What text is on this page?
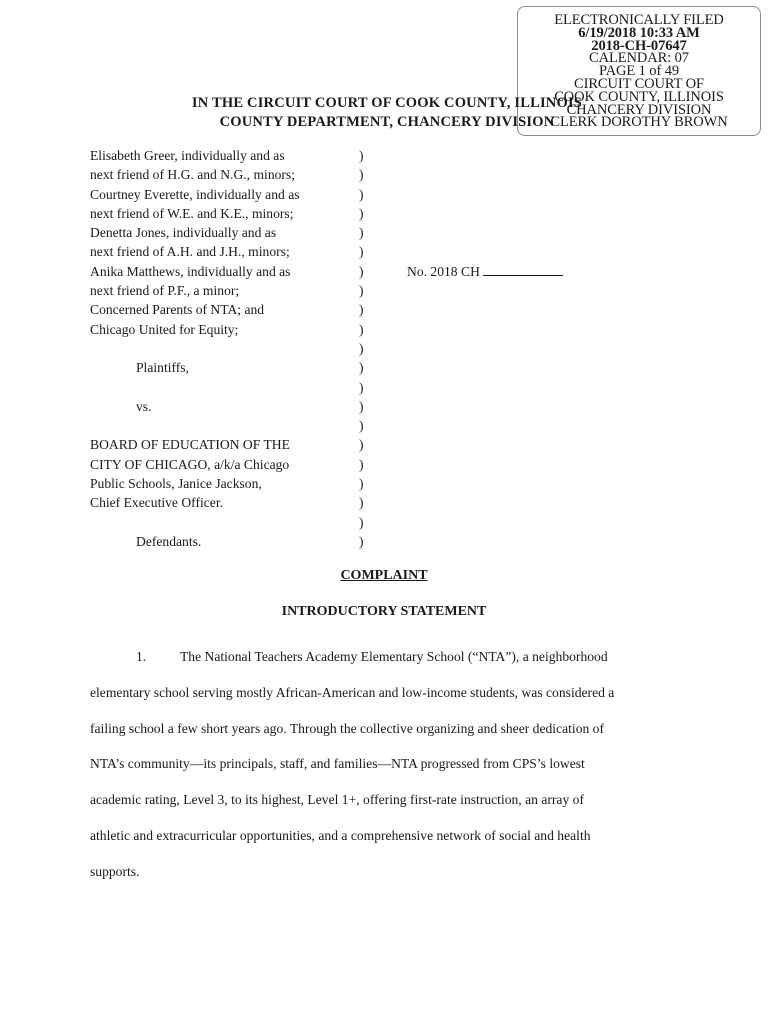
ELECTRONICALLY FILED
6/19/2018 10:33 AM
2018-CH-07647
CALENDAR: 07
PAGE 1 of 49
CIRCUIT COURT OF
COOK COUNTY, ILLINOIS
CHANCERY DIVISION
CLERK DOROTHY BROWN
IN THE CIRCUIT COURT OF COOK COUNTY, ILLINOIS
COUNTY DEPARTMENT, CHANCERY DIVISION
Elisabeth Greer, individually and as
next friend of H.G. and N.G., minors;
Courtney Everette, individually and as
next friend of W.E. and K.E., minors;
Denetta Jones, individually and as
next friend of A.H. and J.H., minors;
Anika Matthews, individually and as
next friend of P.F., a minor;
Concerned Parents of NTA; and
Chicago United for Equity;
Plaintiffs,
vs.
BOARD OF EDUCATION OF THE
CITY OF CHICAGO, a/k/a Chicago
Public Schools, Janice Jackson,
Chief Executive Officer.
Defendants.
)
)
)
)
)
)
)
)
)
)
)
)
)
)
)
)
)
)
)
)
)
No. 2018 CH
COMPLAINT
INTRODUCTORY STATEMENT
1. The National Teachers Academy Elementary School (“NTA”), a neighborhood
elementary school serving mostly African-American and low-income students, was considered a
failing school a few short years ago. Through the collective organizing and sheer dedication of
NTA’s community—its principals, staff, and families—NTA progressed from CPS’s lowest
academic rating, Level 3, to its highest, Level 1+, offering first-rate instruction, an array of
athletic and extracurricular opportunities, and a comprehensive network of social and health
supports.
